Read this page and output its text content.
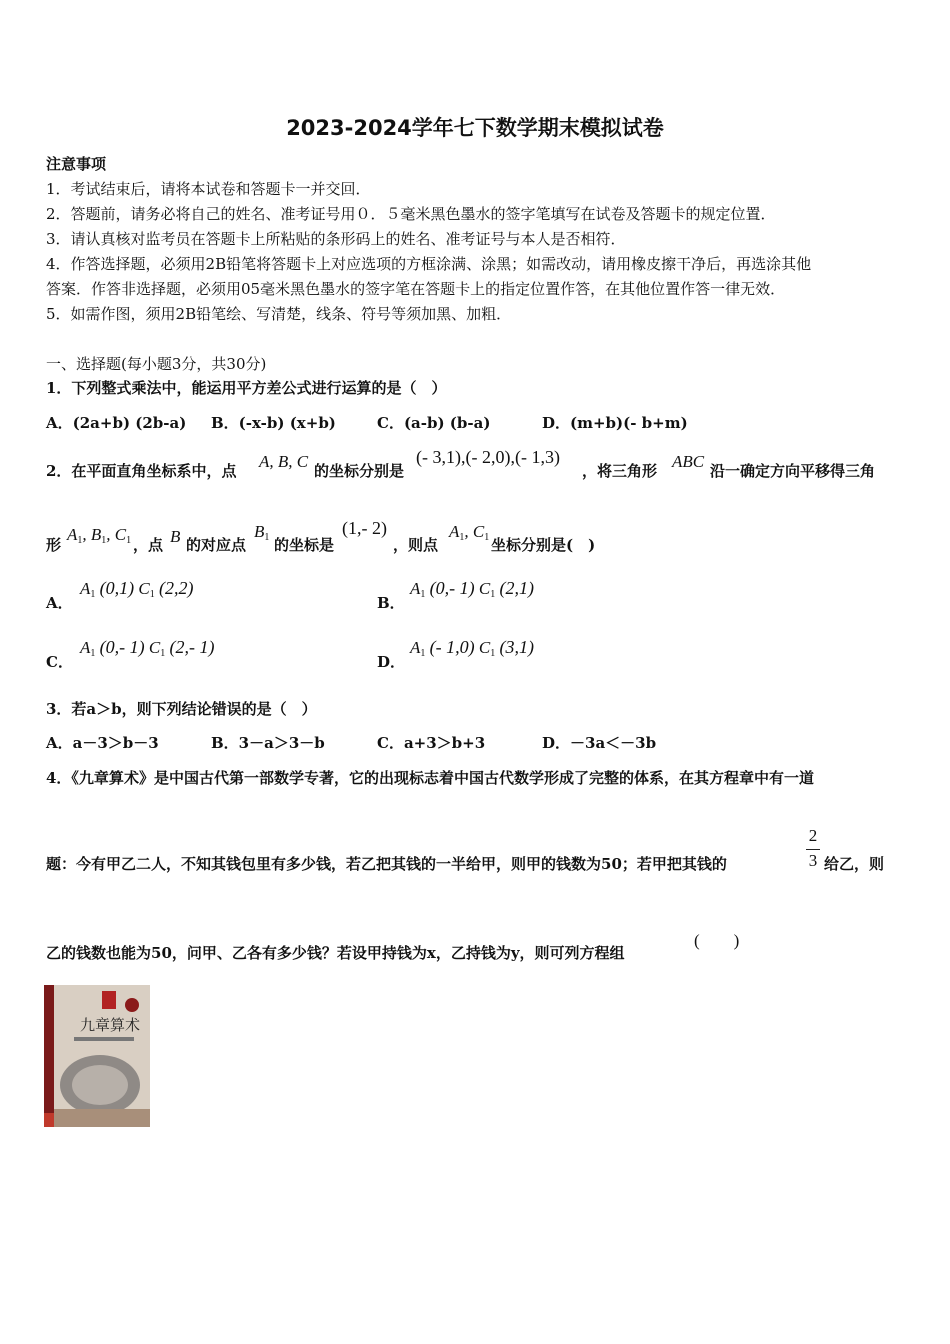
2023-2024学年七下数学期末模拟试卷
注意事项
1．考试结束后，请将本试卷和答题卡一并交回．
2．答题前，请务必将自己的姓名、准考证号用０．５毫米黑色墨水的签字笔填写在试卷及答题卡的规定位置．
3．请认真核对监考员在答题卡上所粘贴的条形码上的姓名、准考证号与本人是否相符．
4．作答选择题，必须用2B铅笔将答题卡上对应选项的方框涂满、涂黑；如需改动，请用橡皮擦干净后，再选涂其他
答案．作答非选择题，必须用05毫米黑色墨水的签字笔在答题卡上的指定位置作答，在其他位置作答一律无效．
5．如需作图，须用2B铅笔绘、写清楚，线条、符号等须加黑、加粗．
一、选择题(每小题3分，共30分)
1．下列整式乘法中，能运用平方差公式进行运算的是（　）
A．(2a+b) (2b-a) B．(-x-b) (x+b)	C．(a-b) (b-a)	D．(m+b)(- b+m)
2．在平面直角坐标系中，点 A, B, C 的坐标分别是
(- 3,1),(- 2,0),(- 1,3)
，将三角形 ABC 沿一确定方向平移得三角
形
$A_1$, $B_1$, $C_1$ ，点 B 的对应点
$B_1$ 的坐标是
(1,- 2)
，则点
$A_1$, $C_1$ 坐标分别是(　)
A．
$A_1$ (0,1) $C_1$ (2,2)
B．
$A_1$ (0,- 1) $C_1$ (2,1)
C．
$A_1$ (0,- 1) $C_1$ (2,- 1)
D．
$A_1$ (- 1,0) $C_1$ (3,1)
3．若a＞b，则下列结论错误的是（　）
A．a－3＞b－3	B．3－a＞3－b	C．a+3＞b+3	D．－3a＜－3b
4．《九章算术》是中国古代第一部数学专著，它的出现标志着中国古代数学形成了完整的体系，在其方程章中有一道
题：今有甲乙二人，不知其钱包里有多少钱，若乙把其钱的一半给甲，则甲的钱数为50；若甲把其钱的
2
3 给乙，则
乙的钱数也能为50，问甲、乙各有多少钱？若设甲持钱为x，乙持钱为y，则可列方程组
(　　)
九章算术
